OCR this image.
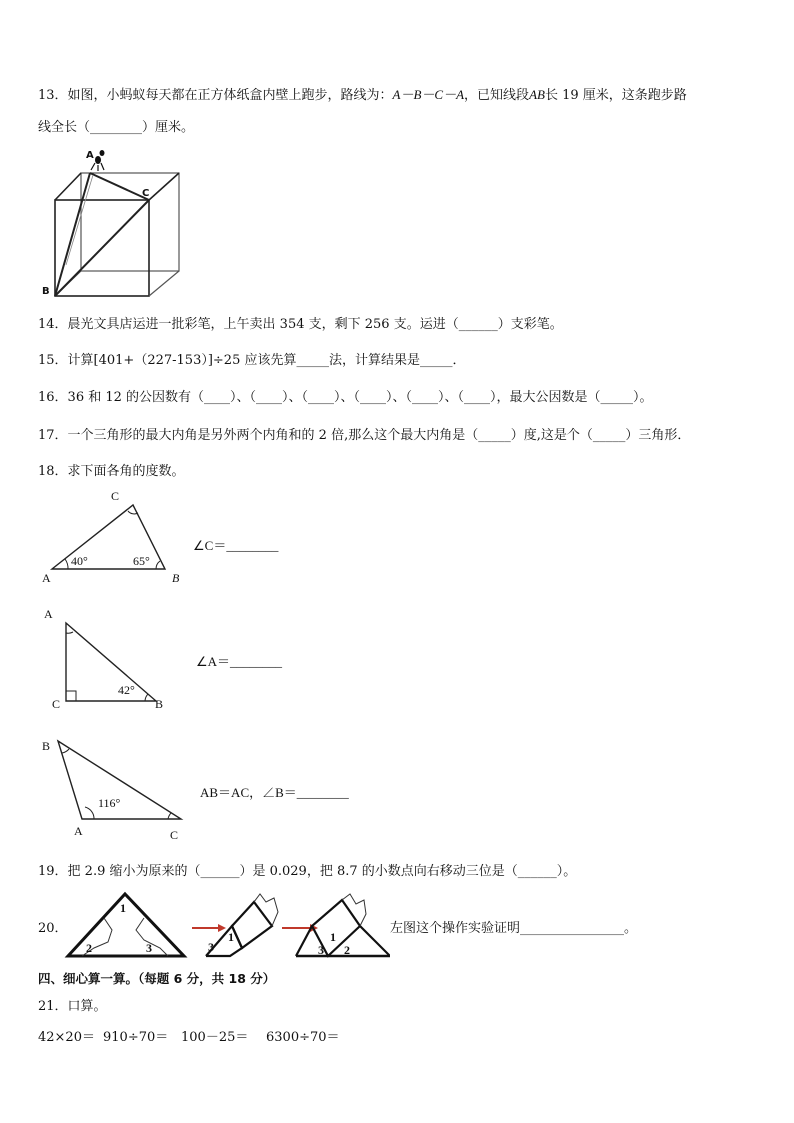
13．如图，小蚂蚁每天都在正方体纸盒内壁上跑步，路线为：A－B－C－A，已知线段AB长 19 厘米，这条跑步路
线全长（________）厘米。
A
B
C
14．晨光文具店运进一批彩笔，上午卖出 354 支，剩下 256 支。运进（______）支彩笔。
15．计算[401+（227-153）]÷25 应该先算_____法，计算结果是_____．
16．36 和 12 的公因数有（____）、（____）、（____）、（____）、（____）、（____），最大公因数是（_____）。
17．一个三角形的最大内角是另外两个内角和的 2 倍,那么这个最大内角是（_____）度,这是个（_____）三角形．
18．求下面各角的度数。
C
A	B
40°	65°
∠C＝________
A
C	B
42°
∠A＝________
B
A	C
116°
AB＝AC，∠B＝________
19．把 2.9 缩小为原来的（______）是 0.029，把 8.7 的小数点向右移动三位是（______）。
20．
1
2	3	3
1
3
1
2
左图这个操作实验证明________________。
四、细心算一算。（每题 6 分，共 18 分）
21．口算。
42×20＝ 910÷70＝ 100－25＝ 6300÷70＝
